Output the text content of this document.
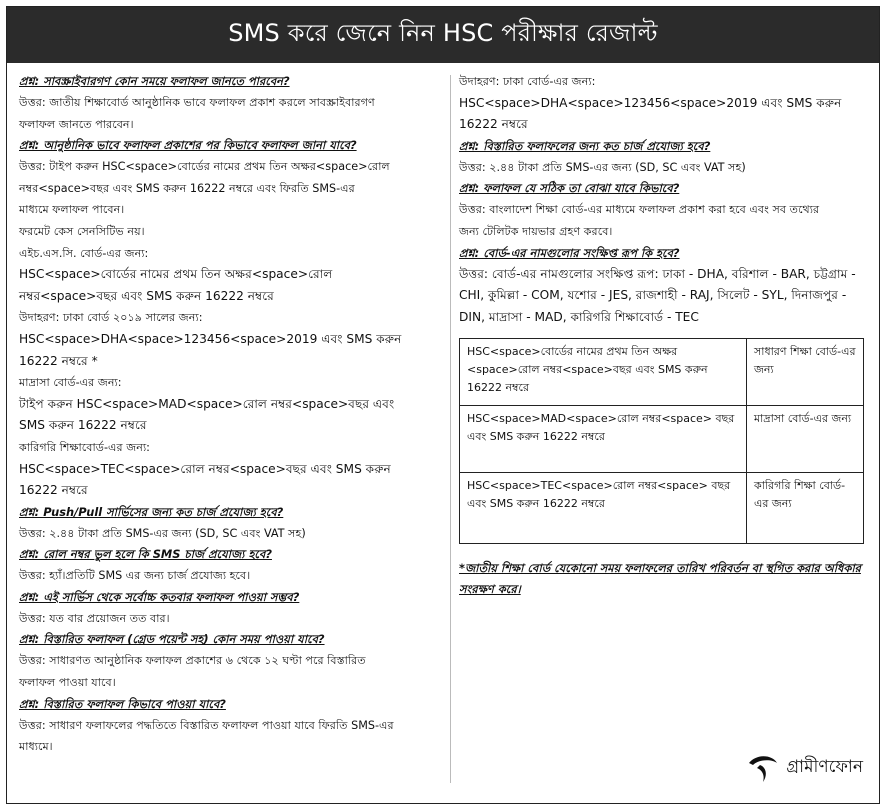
SMS করে জেনে নিন HSC পরীক্ষার রেজাল্ট

প্রশ্ন: সাবস্ক্রাইবারগণ কোন সময়ে ফলাফল জানতে পারবেন?

উত্তর: জাতীয় শিক্ষাবোর্ড আনুষ্ঠানিক ভাবে ফলাফল প্রকাশ করলে সাবস্ক্রাইবারগণ

ফলাফল জানতে পারবেন।

প্রশ্ন: আনুষ্ঠানিক ভাবে ফলাফল প্রকাশের পর কিভাবে ফলাফল জানা যাবে?

উত্তর: টাইপ করুন HSC<space>বোর্ডের নামের প্রথম তিন অক্ষর<space>রোল

নম্বর<space>বছর এবং SMS করুন 16222 নম্বরে এবং ফিরতি SMS-এর

মাধ্যমে ফলাফল পাবেন।

ফরমেট কেস সেনসিটিভ নয়।

এইচ.এস.সি. বোর্ড-এর জন্য:

HSC<space>বোর্ডের নামের প্রথম তিন অক্ষর<space>রোল

নম্বর<space>বছর এবং SMS করুন 16222 নম্বরে

উদাহরণ: ঢাকা বোর্ড ২০১৯ সালের জন্য:

HSC<space>DHA<space>123456<space>2019 এবং SMS করুন

16222 নম্বরে *

মাদ্রাসা বোর্ড-এর জন্য:

টাইপ করুন HSC<space>MAD<space>রোল নম্বর<space>বছর এবং

SMS করুন 16222 নম্বরে

কারিগরি শিক্ষাবোর্ড-এর জন্য:

HSC<space>TEC<space>রোল নম্বর<space>বছর এবং SMS করুন

16222 নম্বরে

প্রশ্ন: Push/Pull সার্ভিসের জন্য কত চার্জ প্রযোজ্য হবে?

উত্তর: ২.৪৪ টাকা প্রতি SMS-এর জন্য (SD, SC এবং VAT সহ)

প্রশ্ন: রোল নম্বর ভুল হলে কি SMS চার্জ প্রযোজ্য হবে?

উত্তর: হ্যাঁ।প্রতিটি SMS এর জন্য চার্জ প্রযোজ্য হবে।

প্রশ্ন: এই সার্ভিস থেকে সর্বোচ্চ কতবার ফলাফল পাওয়া সম্ভব?

উত্তর: যত বার প্রয়োজন তত বার।

প্রশ্ন: বিস্তারিত ফলাফল (গ্রেড পয়েন্ট সহ) কোন সময় পাওয়া যাবে?

উত্তর: সাধারণত আনুষ্ঠানিক ফলাফল প্রকাশের ৬ থেকে ১২ ঘণ্টা পরে বিস্তারিত

ফলাফল পাওয়া যাবে।

প্রশ্ন: বিস্তারিত ফলাফল কিভাবে পাওয়া যাবে?

উত্তর: সাধারণ ফলাফলের পদ্ধতিতে বিস্তারিত ফলাফল পাওয়া যাবে ফিরতি SMS-এর

মাধ্যমে।

উদাহরণ: ঢাকা বোর্ড-এর জন্য:

HSC<space>DHA<space>123456<space>2019 এবং SMS করুন

16222 নম্বরে

প্রশ্ন: বিস্তারিত ফলাফলের জন্য কত চার্জ প্রযোজ্য হবে?

উত্তর: ২.৪৪ টাকা প্রতি SMS-এর জন্য (SD, SC এবং VAT সহ)

প্রশ্ন: ফলাফল যে সঠিক তা বোঝা যাবে কিভাবে?

উত্তর: বাংলাদেশ শিক্ষা বোর্ড-এর মাধ্যমে ফলাফল প্রকাশ করা হবে এবং সব তথ্যের

জন্য টেলিটক দায়ভার গ্রহণ করবে।

প্রশ্ন: বোর্ড-এর নামগুলোর সংক্ষিপ্ত রূপ কি হবে?

উত্তর: বোর্ড-এর নামগুলোর সংক্ষিপ্ত রূপ: ঢাকা - DHA, বরিশাল - BAR, চট্টগ্রাম -

CHI, কুমিল্লা - COM, যশোর - JES, রাজশাহী - RAJ, সিলেট - SYL, দিনাজপুর -

DIN, মাদ্রাসা - MAD, কারিগরি শিক্ষাবোর্ড - TEC

HSC<space>বোর্ডের নামের প্রথম তিন অক্ষর <space>রোল নম্বর<space>বছর এবং SMS করুন 16222 নম্বরে	সাধারণ শিক্ষা বোর্ড-এর জন্য
HSC<space>MAD<space>রোল নম্বর<space> বছর এবং SMS করুন 16222 নম্বরে	মাদ্রাসা বোর্ড-এর জন্য
HSC<space>TEC<space>রোল নম্বর<space> বছর এবং SMS করুন 16222 নম্বরে	কারিগরি শিক্ষা বোর্ড-এর জন্য
*জাতীয় শিক্ষা বোর্ড যেকোনো সময় ফলাফলের তারিখ পরিবর্তন বা স্থগিত করার অধিকার সংরক্ষণ করে।
গ্রামীণফোন
